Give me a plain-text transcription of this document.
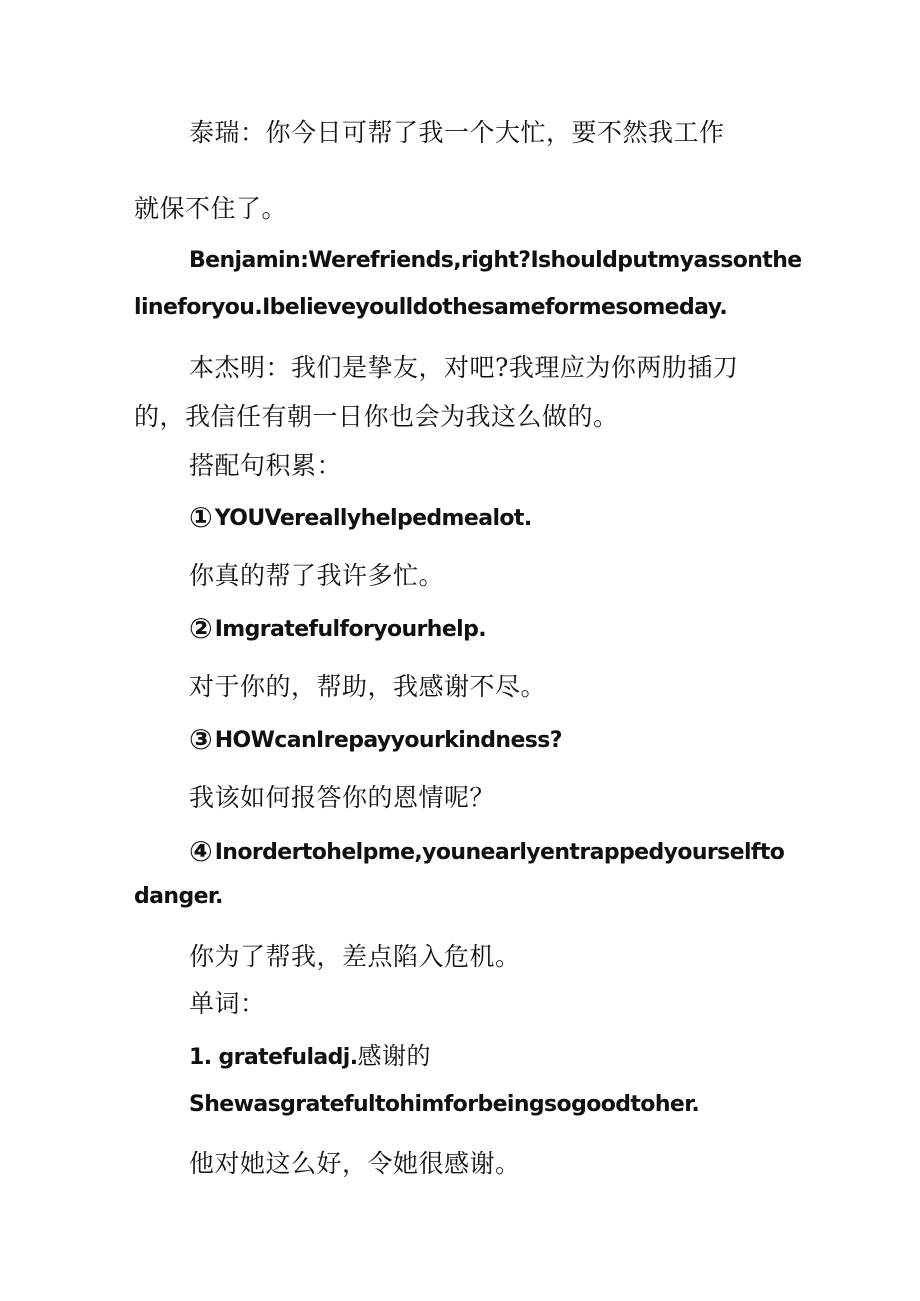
泰瑞：你今日可帮了我一个大忙，要不然我工作

就保不住了。

Benjamin:Werefriends,right?Ishouldputmyassonthe

lineforyou.Ibelieveyoulldothesameformesomeday.

本杰明：我们是挚友，对吧?我理应为你两肋插刀

的，我信任有朝一日你也会为我这么做的。

搭配句积累：

①YOUVereallyhelpedmealot.

你真的帮了我许多忙。

②Imgratefulforyourhelp.

对于你的，帮助，我感谢不尽。

③HOWcanIrepayyourkindness?

我该如何报答你的恩情呢？

④Inordertohelpme,younearlyentrappedyourselfto

danger.

你为了帮我，差点陷入危机。

单词：

1. gratefuladj.感谢的

Shewasgratefultohimforbeingsogoodtoher.

他对她这么好，令她很感谢。
